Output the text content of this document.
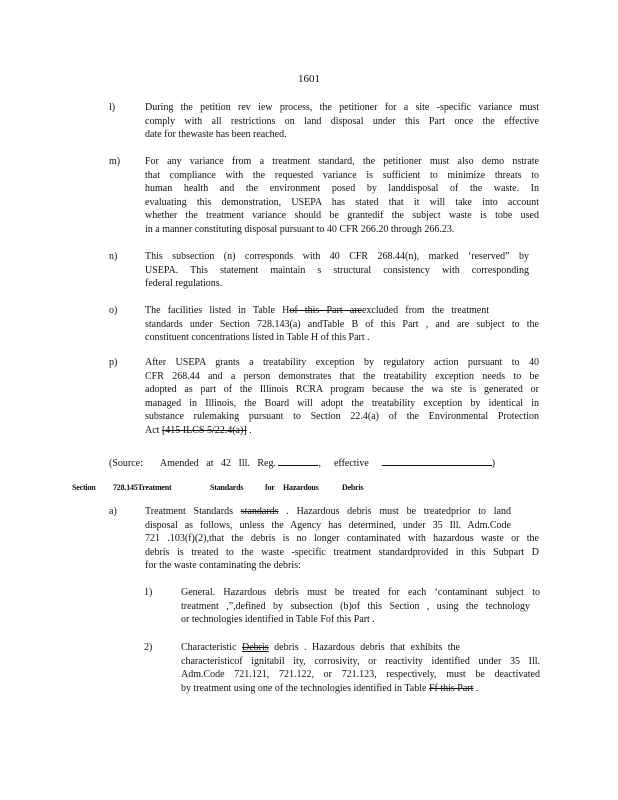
1601
l)	During the petition rev iew process, the petitioner for a site -specific variance must
comply with all restrictions on land disposal under this Part once the effective
date for thewaste has been reached.
m)	For any variance from a treatment standard, the petitioner must also demo nstrate
that compliance with the requested variance is sufficient to minimize threats to
human health and the environment posed by landdisposal of the waste. In
evaluating this demonstration, USEPA has stated that it will take into account
whether the treatment variance should be grantedif the subject waste is tobe used
in a manner constituting disposal pursuant to 40 CFR 266.20 through 266.23.
n)	This subsection (n) corresponds with 40 CFR 268.44(n), marked ‘reserved” by
USEPA. This statement maintain s structural consistency with corresponding
federal regulations.
o)	The facilities listed in Table Hof this Part areexcluded from the treatment
standards under Section 728.143(a) andTable B of this Part , and are subject to the
constituent concentrations listed in Table H of this Part .
p)	After USEPA grants a treatability exception by regulatory action pursuant to 40
CFR 268.44 and a person demonstrates that the treatability exception needs to be
adopted as part of the Illinois RCRA program because the wa ste is generated or
managed in Illinois, the Board will adopt the treatability exception by identical in
substance rulemaking pursuant to Section 22.4(a) of the Environmental Protection
Act [415 ILCS 5/22.4(a)] .
(Source: Amended at 42 Ill. Reg.	, effective	)
Section 728.145Treatment	Standards	for Hazardous	Debris
a)	Treatment Standards standards . Hazardous debris must be treatedprior to land
disposal as follows, unless the Agency has determined, under 35 Ill. Adm.Code
721 .103(f)(2),that the debris is no longer contaminated with hazardous waste or the
debris is treated to the waste -specific treatment standardprovided in this Subpart D
for the waste contaminating the debris:
1)	General. Hazardous debris must be treated for each ‘contaminant subject to
treatment ,”,defined by subsection (b)of this Section , using the technology
or technologies identified in Table Fof this Part .
2)	Characteristic Debris debris . Hazardous debris that exhibits the
characteristicof ignitabil ity, corrosivity, or reactivity identified under 35 Ill.
Adm.Code 721.121, 721.122, or 721.123, respectively, must be deactivated
by treatment using one of the technologies identified in Table Ff this Part .
